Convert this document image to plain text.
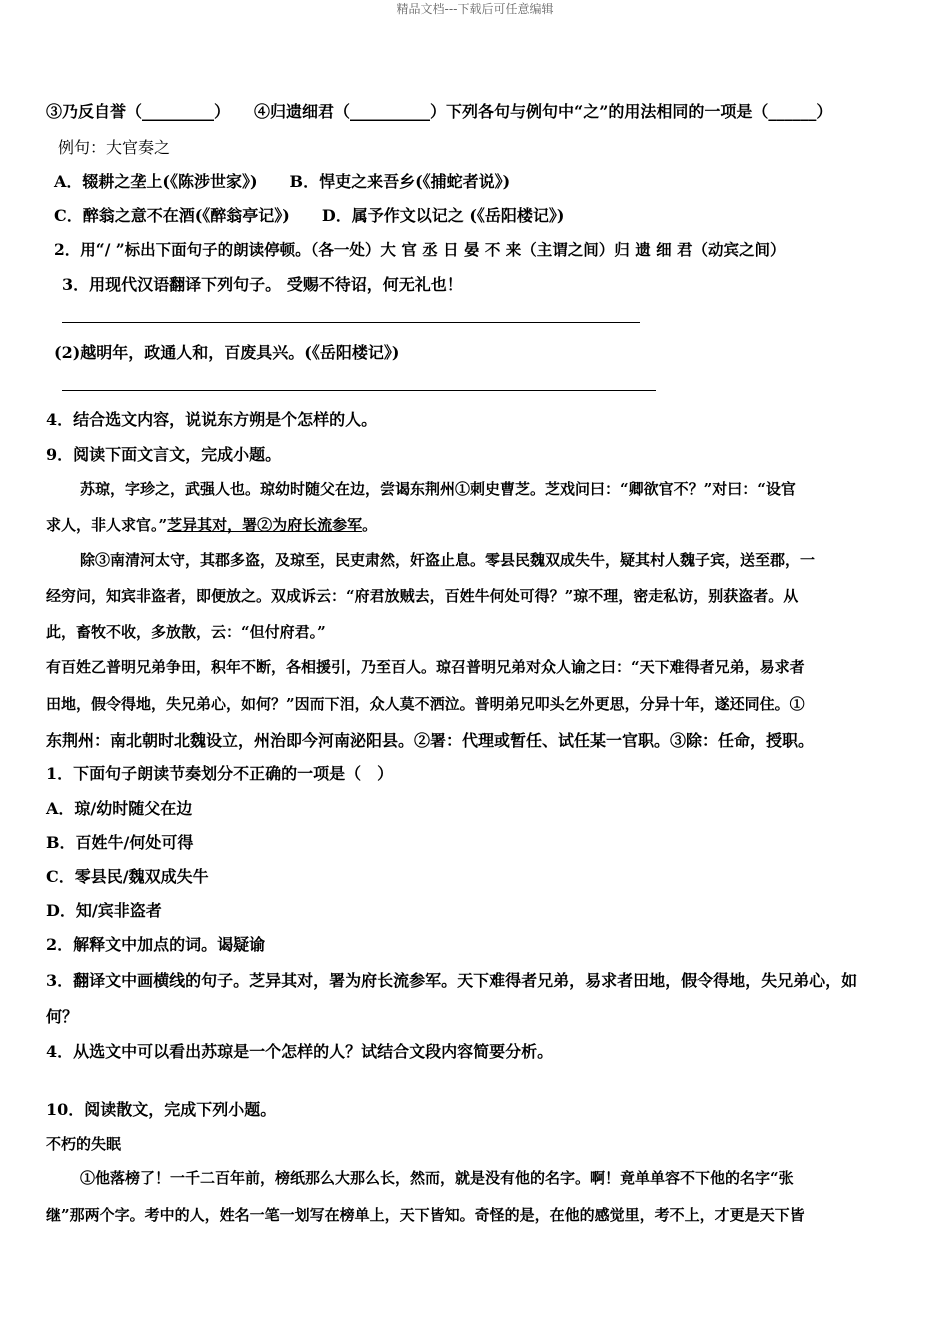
精品文档---下载后可任意编辑
③乃反自誉（_________）　　④归遗细君（__________）下列各句与例句中“之”的用法相同的一项是（______）
例句：大官奏之
A．辍耕之垄上(《陈涉世家》)　　B．悍吏之来吾乡(《捕蛇者说》)
C．醉翁之意不在酒(《醉翁亭记》)　　D．属予作文以记之 (《岳阳楼记》)
2．用“/ ”标出下面句子的朗读停顿。（各一处）大 官 丞 日 晏 不 来（主谓之间）归 遗 细 君（动宾之间）
3．用现代汉语翻译下列句子。 受赐不待诏，何无礼也！
(2)越明年，政通人和，百废具兴。(《岳阳楼记》)
4．结合选文内容，说说东方朔是个怎样的人。
9．阅读下面文言文，完成小题。
苏琼，字珍之，武强人也。琼幼时随父在边，尝谒东荆州①刺史曹芝。芝戏问曰：“卿欲官不？”对曰：“设官
求人，非人求官。”芝异其对，署②为府长流参军。
除③南清河太守，其郡多盗，及琼至，民吏肃然，奸盗止息。零县民魏双成失牛，疑其村人魏子宾，送至郡，一
经穷问，知宾非盗者，即便放之。双成诉云：“府君放贼去，百姓牛何处可得？”琼不理，密走私访，别获盗者。从
此，畜牧不收，多放散，云：“但付府君。”
有百姓乙普明兄弟争田，积年不断，各相援引，乃至百人。琼召普明兄弟对众人谕之曰：“天下难得者兄弟，易求者
田地，假令得地，失兄弟心，如何？”因而下泪，众人莫不洒泣。普明弟兄叩头乞外更思，分异十年，遂还同住。①
东荆州：南北朝时北魏设立，州治即今河南泌阳县。②署：代理或暂任、试任某一官职。③除：任命，授职。
1．下面句子朗读节奏划分不正确的一项是（　）
A．琼/幼时随父在边
B．百姓牛/何处可得
C．零县民/魏双成失牛
D．知/宾非盗者
2．解释文中加点的词。谒疑谕
3．翻译文中画横线的句子。芝异其对，署为府长流参军。天下难得者兄弟，易求者田地，假令得地，失兄弟心，如
何？
4．从选文中可以看出苏琼是一个怎样的人？试结合文段内容简要分析。
10．阅读散文，完成下列小题。
不朽的失眠
①他落榜了！一千二百年前，榜纸那么大那么长，然而，就是没有他的名字。啊！竟单单容不下他的名字“张
继”那两个字。考中的人，姓名一笔一划写在榜单上，天下皆知。奇怪的是，在他的感觉里，考不上，才更是天下皆
